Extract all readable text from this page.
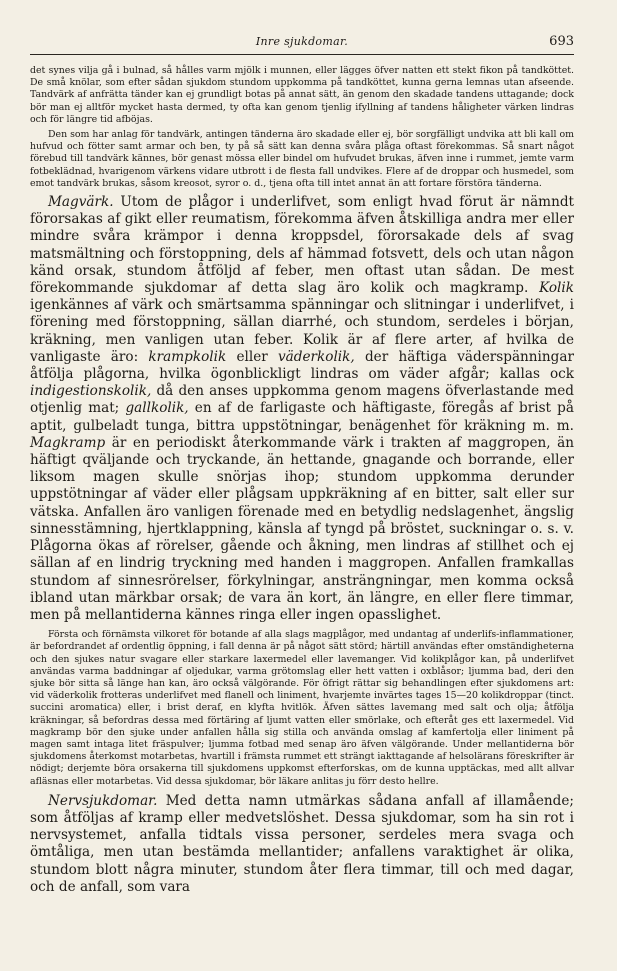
Inre sjukdomar.	693

det synes vilja gå i bulnad, så hålles varm mjölk i munnen, eller lägges öfver natten ett stekt fikon på tandköttet. De små knölar, som efter sådan sjukdom stundom uppkomma på tandköttet, kunna gerna lemnas utan afseende. Tandvärk af anfrätta tänder kan ej grundligt botas på annat sätt, än genom den skadade tandens uttagande; dock bör man ej alltför mycket hasta dermed, ty ofta kan genom tjenlig ifyllning af tandens håligheter värken lindras och för längre tid afböjas.

Den som har anlag för tandvärk, antingen tänderna äro skadade eller ej, bör sorgfälligt undvika att bli kall om hufvud och fötter samt armar och ben, ty på så sätt kan denna svåra plåga oftast förekommas. Så snart något förebud till tandvärk kännes, bör genast mössa eller bindel om hufvudet brukas, äfven inne i rummet, jemte varm fotbeklädnad, hvarigenom värkens vidare utbrott i de flesta fall undvikes. Flere af de droppar och husmedel, som emot tandvärk brukas, såsom kreosot, syror o. d., tjena ofta till intet annat än att fortare förstöra tänderna.

Magvärk. Utom de plågor i underlifvet, som enligt hvad förut är nämndt förorsakas af gikt eller reumatism, förekomma äfven åtskilliga andra mer eller mindre svåra krämpor i denna kroppsdel, förorsakade dels af svag matsmältning och förstoppning, dels af hämmad fotsvett, dels och utan någon känd orsak, stundom åtföljd af feber, men oftast utan sådan. De mest förekommande sjukdomar af detta slag äro kolik och magkramp. Kolik igenkännes af värk och smärtsamma spänningar och slitningar i underlifvet, i förening med förstoppning, sällan diarrhé, och stundom, serdeles i början, kräkning, men vanligen utan feber. Kolik är af flere arter, af hvilka de vanligaste äro: krampkolik eller väderkolik, der häftiga väderspänningar åtfölja plågorna, hvilka ögonblickligt lindras om väder afgår; kallas ock indigestionskolik, då den anses uppkomma genom magens öfverlastande med otjenlig mat; gallkolik, en af de farligaste och häftigaste, föregås af brist på aptit, gulbeladt tunga, bittra uppstötningar, benägenhet för kräkning m. m. Magkramp är en periodiskt återkommande värk i trakten af maggropen, än häftigt qväljande och tryckande, än hettande, gnagande och borrande, eller liksom magen skulle snörjas ihop; stundom uppkomma derunder uppstötningar af väder eller plågsam uppkräkning af en bitter, salt eller sur vätska. Anfallen äro vanligen förenade med en betydlig nedslagenhet, ängslig sinnesstämning, hjertklappning, känsla af tyngd på bröstet, suckningar o. s. v. Plågorna ökas af rörelser, gående och åkning, men lindras af stillhet och ej sällan af en lindrig tryckning med handen i maggropen. Anfallen framkallas stundom af sinnesrörelser, förkylningar, ansträngningar, men komma också ibland utan märkbar orsak; de vara än kort, än längre, en eller flere timmar, men på mellantiderna kännes ringa eller ingen opasslighet.

Första och förnämsta vilkoret för botande af alla slags magplågor, med undantag af underlifs-inflammationer, är befordrandet af ordentlig öppning, i fall denna är på något sätt störd; härtill användas efter omständigheterna och den sjukes natur svagare eller starkare laxermedel eller lavemanger. Vid kolikplågor kan, på underlifvet användas varma baddningar af oljedukar, varma grötomslag eller hett vatten i oxblåsor; ljumma bad, deri den sjuke bör sitta så länge han kan, äro också välgörande. För öfrigt rättar sig behandlingen efter sjukdomens art: vid väderkolik frotteras underlifvet med flanell och liniment, hvarjemte invärtes tages 15—20 kolikdroppar (tinct. succini aromatica) eller, i brist deraf, en klyfta hvitlök. Äfven sättes lavemang med salt och olja; åtfölja kräkningar, så befordras dessa med förtäring af ljumt vatten eller smörlake, och efteråt ges ett laxermedel. Vid magkramp bör den sjuke under anfallen hålla sig stilla och använda omslag af kamfertolja eller liniment på magen samt intaga litet fräspulver; ljumma fotbad med senap äro äfven välgörande. Under mellantiderna bör sjukdomens återkomst motarbetas, hvartill i främsta rummet ett strängt iakttagande af helsolärans föreskrifter är nödigt; derjemte böra orsakerna till sjukdomens uppkomst efterforskas, om de kunna upptäckas, med allt allvar afläsnas eller motarbetas. Vid dessa sjukdomar, bör läkare anlitas ju förr desto hellre.

Nervsjukdomar. Med detta namn utmärkas sådana anfall af illamående; som åtföljas af kramp eller medvetslöshet. Dessa sjukdomar, som ha sin rot i nervsystemet, anfalla tidtals vissa personer, serdeles mera svaga och ömtåliga, men utan bestämda mellantider; anfallens varaktighet är olika, stundom blott några minuter, stundom åter flera timmar, till och med dagar, och de anfall, som vara
